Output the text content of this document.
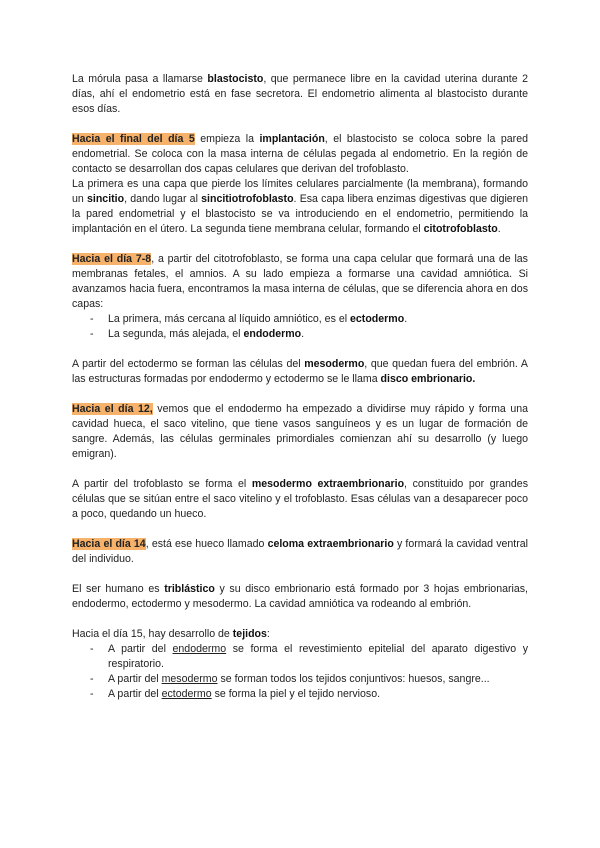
La mórula pasa a llamarse blastocisto, que permanece libre en la cavidad uterina durante 2 días, ahí el endometrio está en fase secretora. El endometrio alimenta al blastocisto durante esos días.

Hacia el final del día 5 empieza la implantación, el blastocisto se coloca sobre la pared endometrial. Se coloca con la masa interna de células pegada al endometrio. En la región de contacto se desarrollan dos capas celulares que derivan del trofoblasto.

La primera es una capa que pierde los límites celulares parcialmente (la membrana), formando un sincitio, dando lugar al sincitiotrofoblasto. Esa capa libera enzimas digestivas que digieren la pared endometrial y el blastocisto se va introduciendo en el endometrio, permitiendo la implantación en el útero. La segunda tiene membrana celular, formando el citotrofoblasto.

Hacia el día 7-8, a partir del citotrofoblasto, se forma una capa celular que formará una de las membranas fetales, el amnios. A su lado empieza a formarse una cavidad amniótica. Si avanzamos hacia fuera, encontramos la masa interna de células, que se diferencia ahora en dos capas:

- La primera, más cercana al líquido amniótico, es el ectodermo.
- La segunda, más alejada, el endodermo.

A partir del ectodermo se forman las células del mesodermo, que quedan fuera del embrión. A las estructuras formadas por endodermo y ectodermo se le llama disco embrionario.

Hacia el día 12, vemos que el endodermo ha empezado a dividirse muy rápido y forma una cavidad hueca, el saco vitelino, que tiene vasos sanguíneos y es un lugar de formación de sangre. Además, las células germinales primordiales comienzan ahí su desarrollo (y luego emigran).

A partir del trofoblasto se forma el mesodermo extraembrionario, constituido por grandes células que se sitúan entre el saco vitelino y el trofoblasto. Esas células van a desaparecer poco a poco, quedando un hueco.

Hacia el día 14, está ese hueco llamado celoma extraembrionario y formará la cavidad ventral del individuo.

El ser humano es triblástico y su disco embrionario está formado por 3 hojas embrionarias, endodermo, ectodermo y mesodermo. La cavidad amniótica va rodeando al embrión.

Hacia el día 15, hay desarrollo de tejidos:

- A partir del endodermo se forma el revestimiento epitelial del aparato digestivo y respiratorio.
- A partir del mesodermo se forman todos los tejidos conjuntivos: huesos, sangre...
- A partir del ectodermo se forma la piel y el tejido nervioso.
